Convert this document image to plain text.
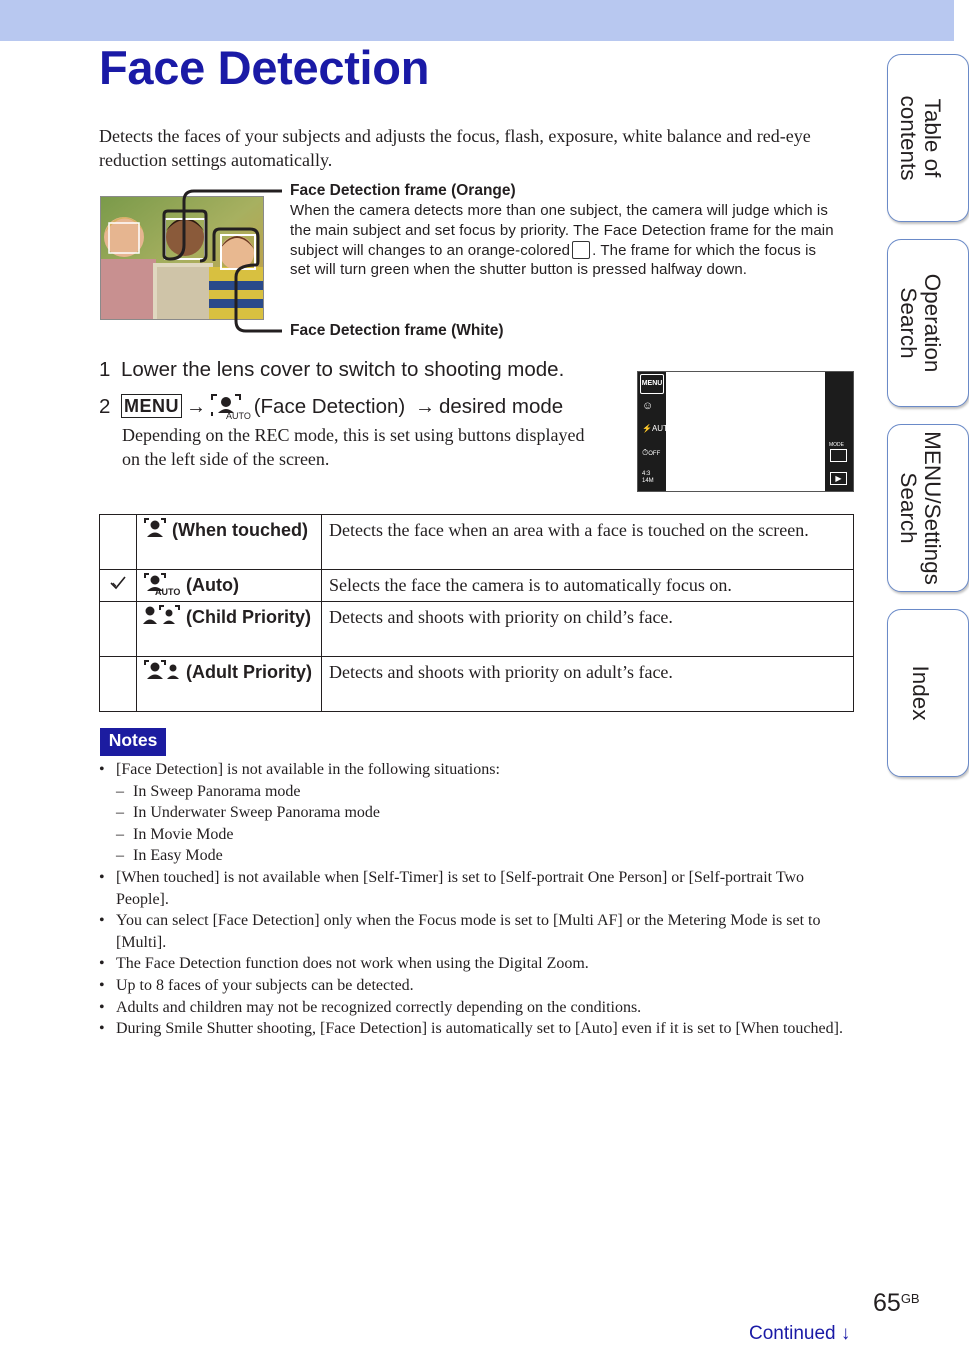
Face Detection
Detects the faces of your subjects and adjusts the focus, flash, exposure, white balance and red-eye reduction settings automatically.
Face Detection frame (Orange)
When the camera detects more than one subject, the camera will judge which is the main subject and set focus by priority. The Face Detection frame for the main subject will changes to an orange-colored . The frame for which the focus is set will turn green when the shutter button is pressed halfway down.
Face Detection frame (White)
1 Lower the lens cover to switch to shooting mode.
2 MENU → AUTO (Face Detection) → desired mode
Depending on the REC mode, this is set using buttons displayed on the left side of the screen.
MENU
☺
⚡AUTO
⏱OFF
4:3 14M
MODE
▶
	(When touched)	Detects the face when an area with a face is touched on the screen.

AUTO (Auto)	Selects the face the camera is to automatically focus on.
	(Child Priority)	Detects and shoots with priority on child’s face.
	(Adult Priority)	Detects and shoots with priority on adult’s face.
Notes
• [Face Detection] is not available in the following situations:
– In Sweep Panorama mode
– In Underwater Sweep Panorama mode
– In Movie Mode
– In Easy Mode
• [When touched] is not available when [Self-Timer] is set to [Self-portrait One Person] or [Self-portrait Two People].
• You can select [Face Detection] only when the Focus mode is set to [Multi AF] or the Metering Mode is set to [Multi].
• The Face Detection function does not work when using the Digital Zoom.
• Up to 8 faces of your subjects can be detected.
• Adults and children may not be recognized correctly depending on the conditions.
• During Smile Shutter shooting, [Face Detection] is automatically set to [Auto] even if it is set to [When touched].
Table of contents
Operation Search
MENU/Settings Search
Index
$65^{GB}$
Continued ↓
